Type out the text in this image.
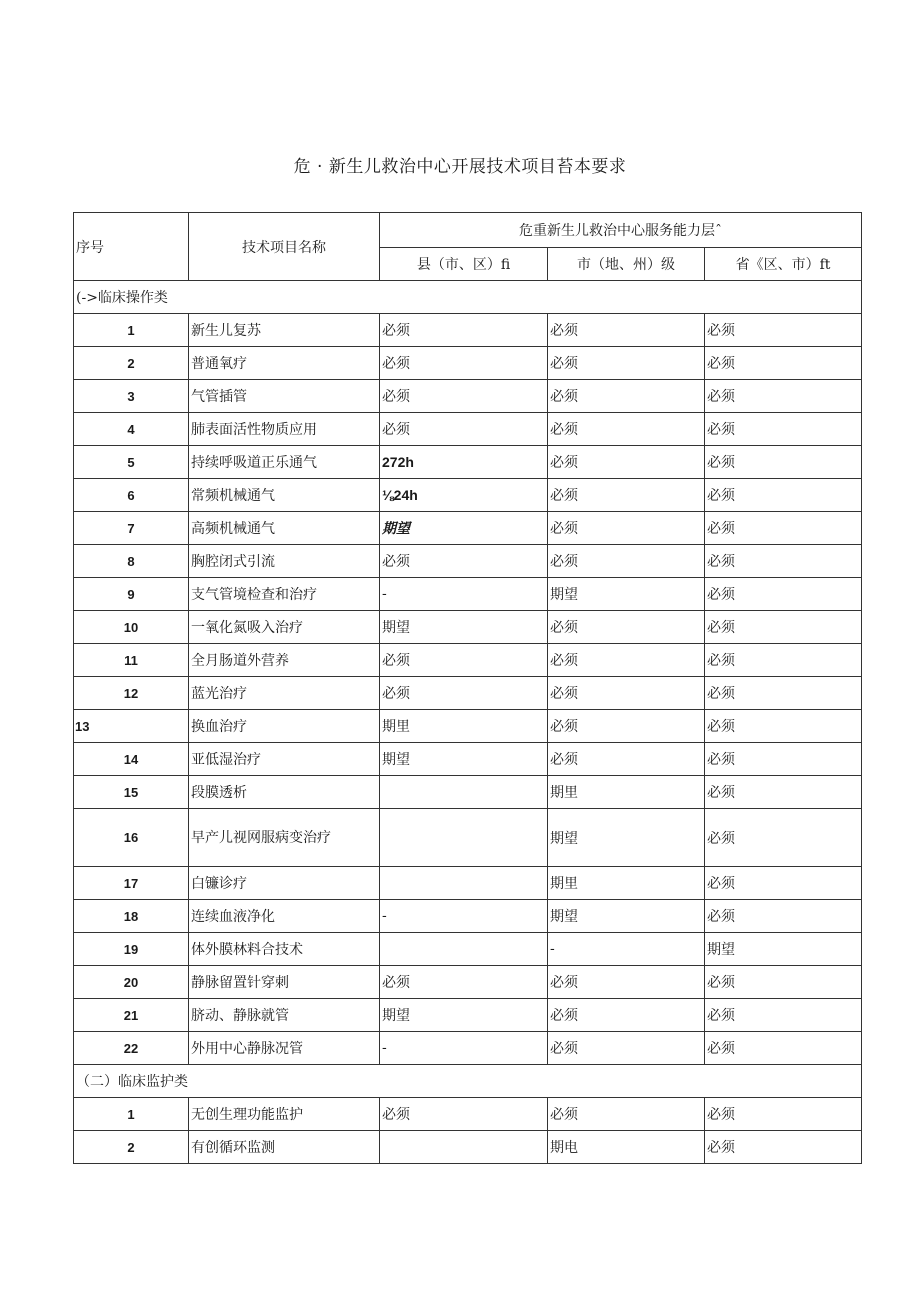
危 · 新生儿救治中心开展技术项目苔本要求
序号	技术项目名称	危重新生儿救治中心服务能力层ˆ		
		县（市、区）fi	市（地、州）级	省《区、市）ft
(->临床操作类				
1	新生儿复苏	必须	必须	必须
2	普通氧疗	必须	必须	必须
3	气管插管	必须	必须	必须
4	肺表面活性物质应用	必须	必须	必须
5	持续呼吸道正乐通气	272h	必须	必须
6	常频机械通气	⅛24h	必须	必须
7	高频机械通气	期望	必须	必须
8	胸腔闭式引流	必须	必须	必须
9	支气管境检查和治疗	-	期望	必须
10	一氧化氮吸入治疗	期望	必须	必须
11	全月肠道外营养	必须	必须	必须
12	蓝光治疗	必须	必须	必须
13	换血治疗	期里	必须	必须
14	亚低湿治疗	期望	必须	必须
15	段膜透析		期里	必须
16	早产儿视网服病变治疗		期望	必须
17	白镰诊疗		期里	必须
18	连续血液净化	-	期望	必须
19	体外膜林料合技术		-	期望
20	静脉留置针穿刺	必须	必须	必须
21	脐动、静脉就管	期望	必须	必须
22	外用中心静脉况管	-	必须	必须
（二）临床监护类				
1	无创生理功能监护	必须	必须	必须
2	有创循环监测		期电	必须
